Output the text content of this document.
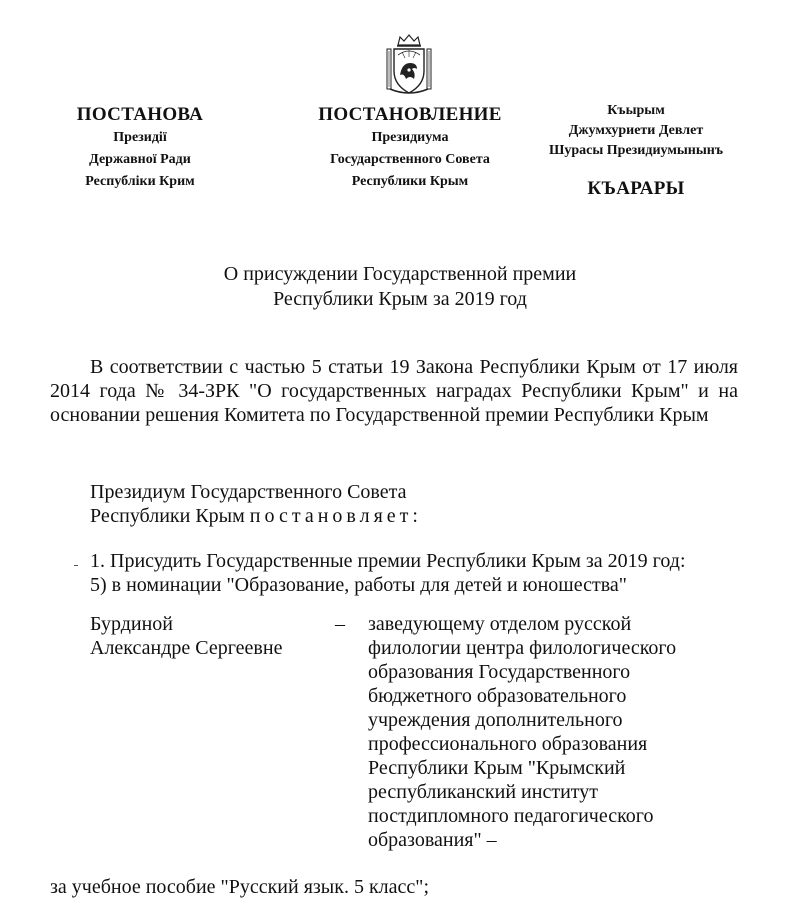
ПОСТАНОВА
Президії
Державної Ради
Республіки Крим
ПОСТАНОВЛЕНИЕ
Президиума
Государственного Совета
Республики Крым
Къырым
Джумхуриети Девлет
Шурасы Президиумынынъ
КЪАРАРЫ
О присуждении Государственной премии
Республики Крым за 2019 год
В соответствии с частью 5 статьи 19 Закона Республики Крым от 17 июля 2014 года № 34-ЗРК "О государственных наградах Республики Крым" и на основании решения Комитета по Государственной премии Республики Крым
Президиум Государственного Совета
Республики Крым постановляет:
1. Присудить Государственные премии Республики Крым за 2019 год:
5) в номинации "Образование, работы для детей и юношества"
Бурдиной
Александре Сергеевне
– заведующему отделом русской
филологии центра филологического
образования Государственного
бюджетного образовательного
учреждения дополнительного
профессионального образования
Республики Крым "Крымский
республиканский институт
постдипломного педагогического
образования" –
за учебное пособие "Русский язык. 5 класс";
